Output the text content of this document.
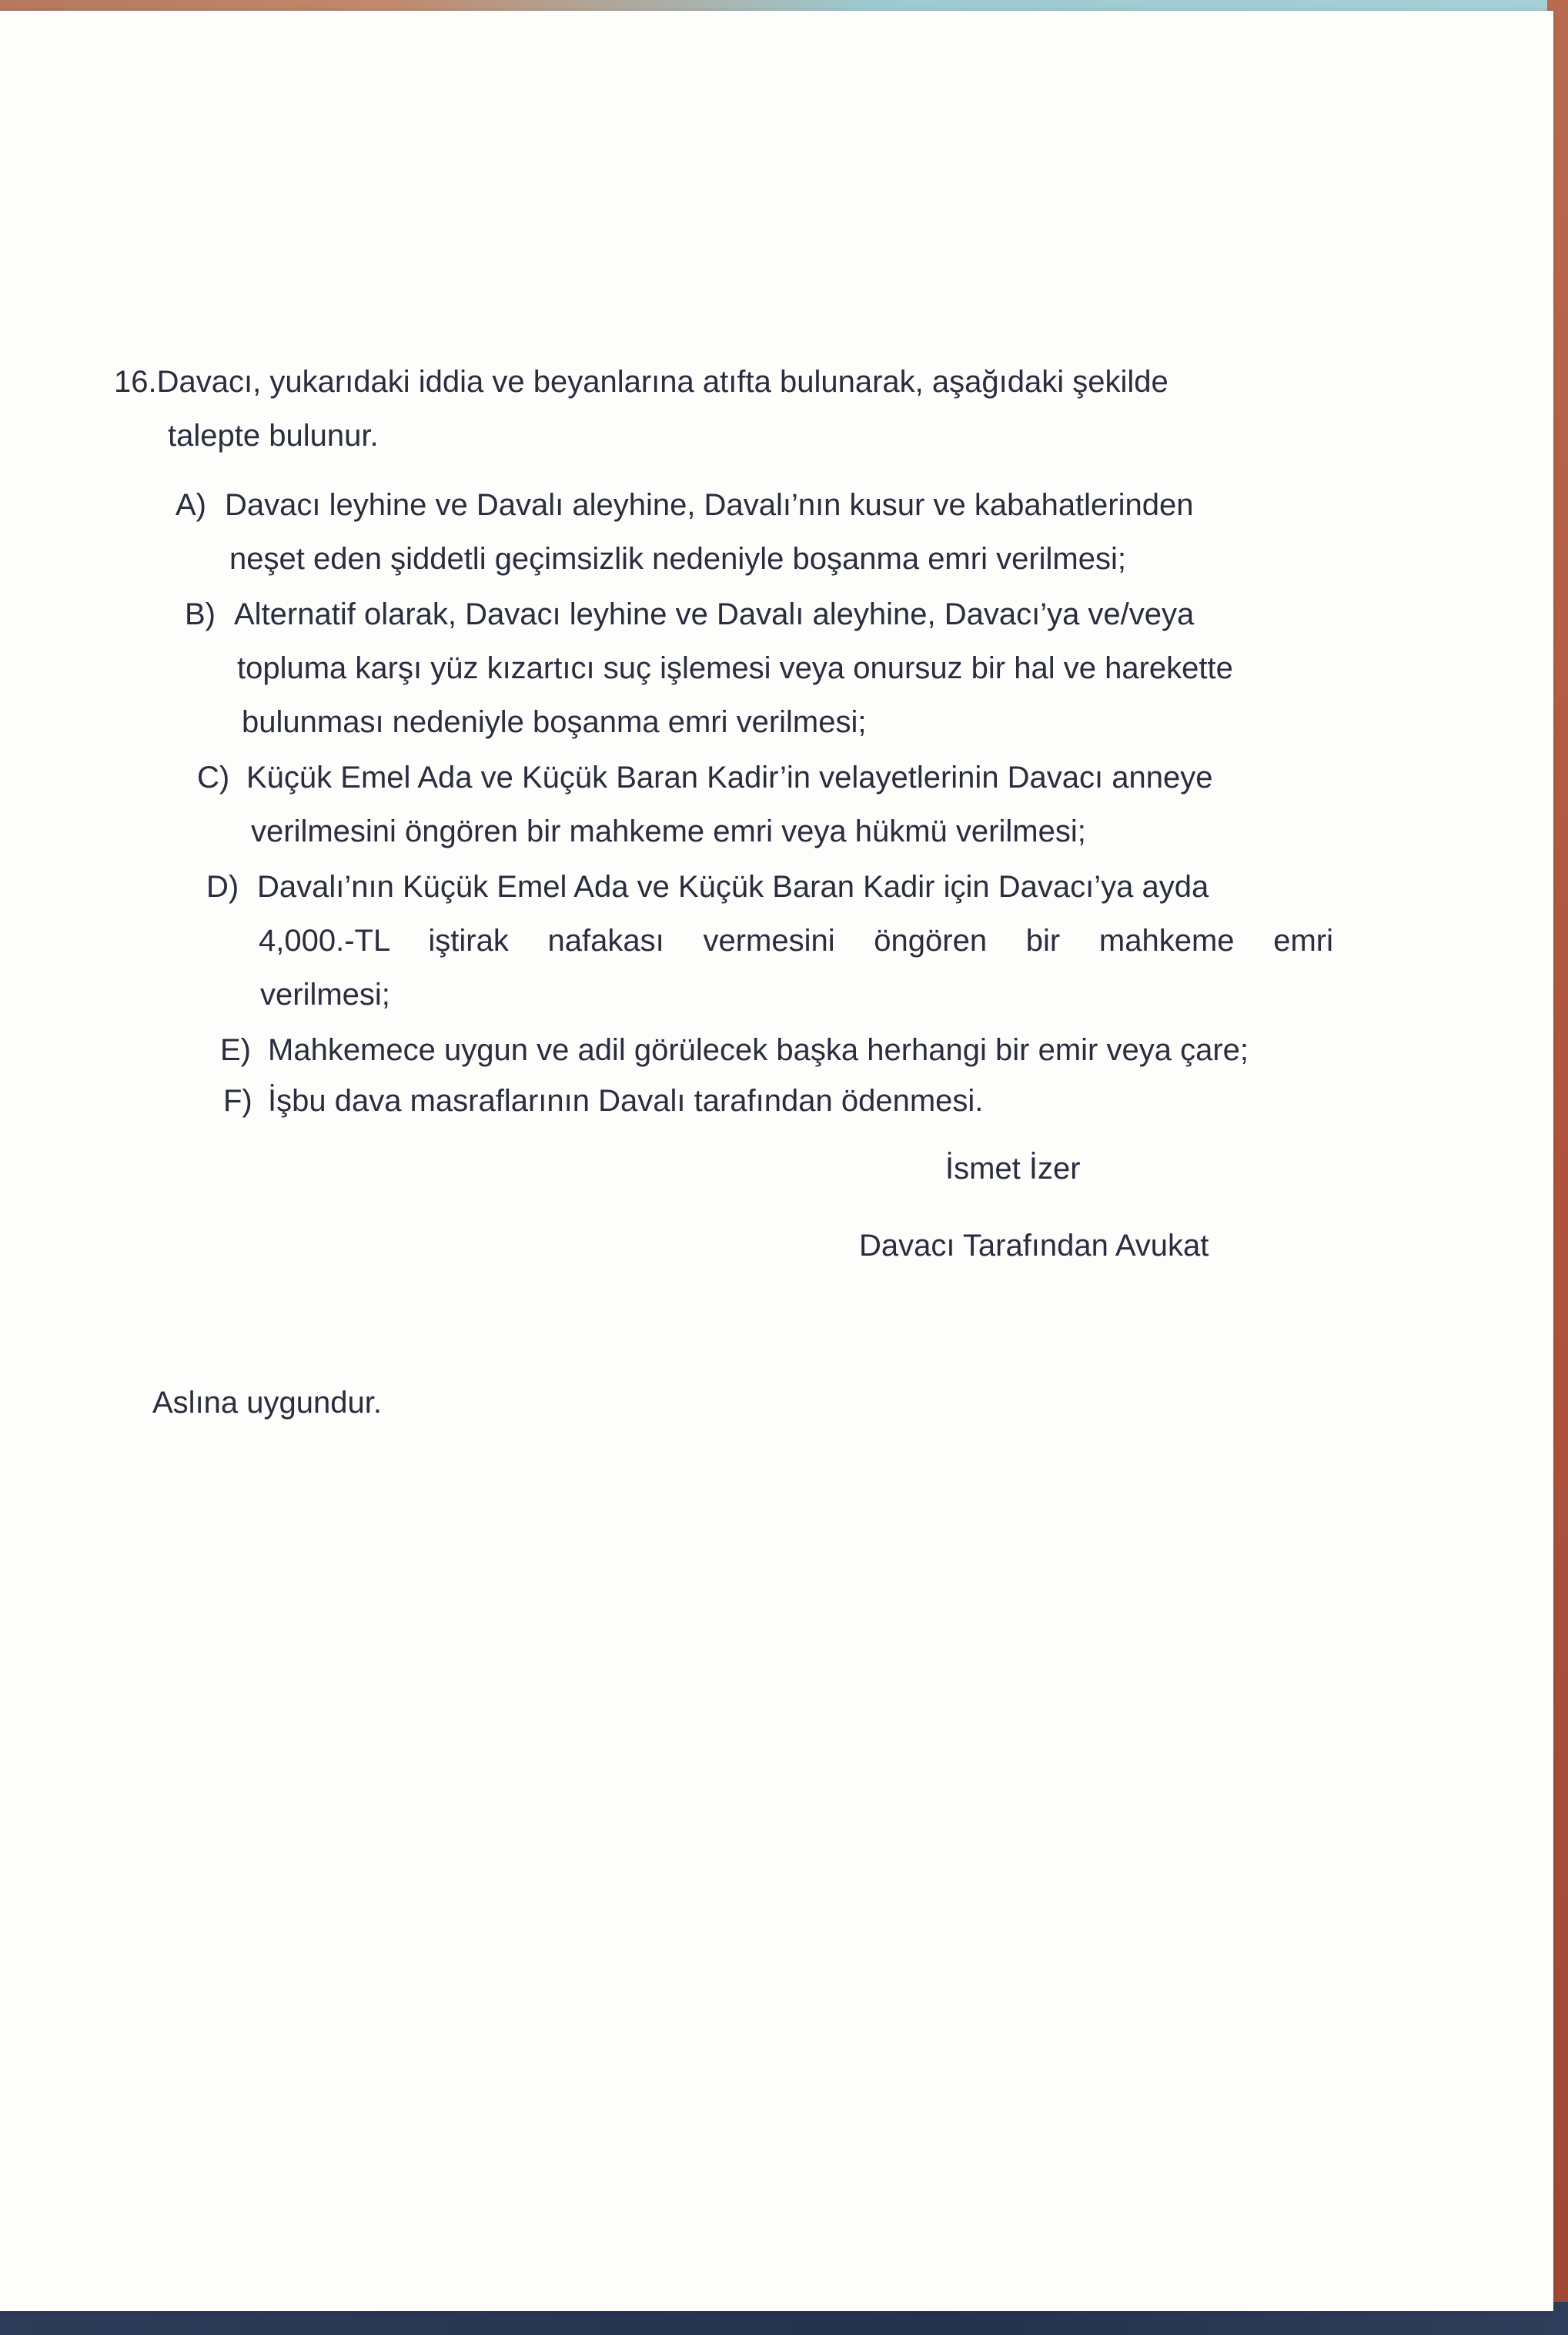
16.Davacı, yukarıdaki iddia ve beyanlarına atıfta bulunarak, aşağıdaki şekilde

talepte bulunur.

A) Davacı leyhine ve Davalı aleyhine, Davalı’nın kusur ve kabahatlerinden

neşet eden şiddetli geçimsizlik nedeniyle boşanma emri verilmesi;

B) Alternatif olarak, Davacı leyhine ve Davalı aleyhine, Davacı’ya ve/veya

topluma karşı yüz kızartıcı suç işlemesi veya onursuz bir hal ve harekette

bulunması nedeniyle boşanma emri verilmesi;

C) Küçük Emel Ada ve Küçük Baran Kadir’in velayetlerinin Davacı anneye

verilmesini öngören bir mahkeme emri veya hükmü verilmesi;

D) Davalı’nın Küçük Emel Ada ve Küçük Baran Kadir için Davacı’ya ayda

4,000.-TL iştirak nafakası vermesini öngören bir mahkeme emri

verilmesi;

E) Mahkemece uygun ve adil görülecek başka herhangi bir emir veya çare;

F) İşbu dava masraflarının Davalı tarafından ödenmesi.

İsmet İzer

Davacı Tarafından Avukat

Aslına uygundur.
